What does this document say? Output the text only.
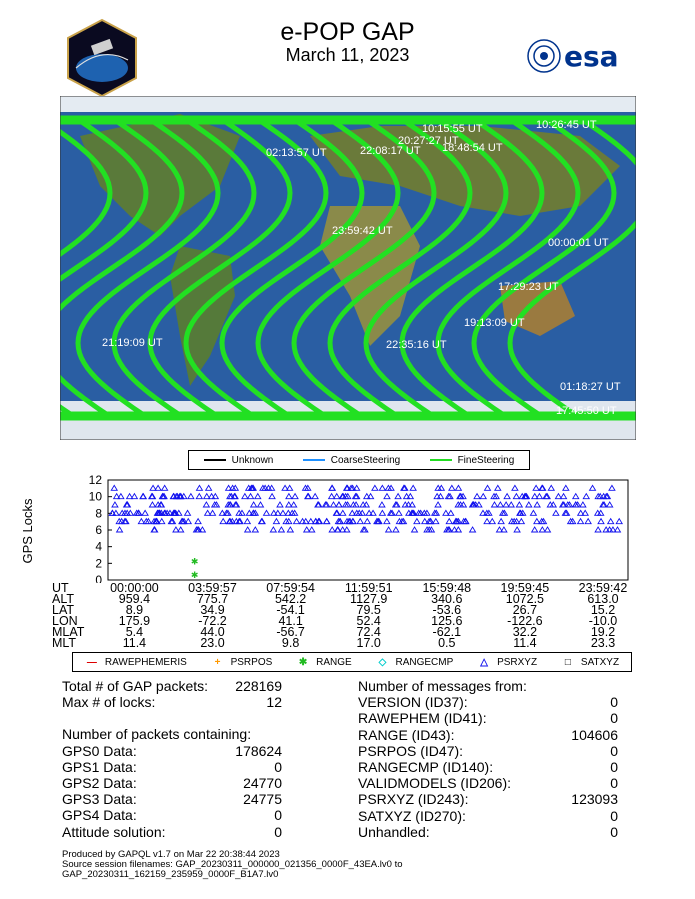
e-POP GAP
March 11, 2023	esa
10:15:55 UT	10:26:45 UT
20:27:27 UT
02:13:57 UT	22:08:17 UT 18:48:54 UT
23:59:42 UT
00:00:01 UT
17:29:23 UT
19:13:09 UT
21:19:09 UT	22:35:16 UT
01:18:27 UT
17:45:50 UT
Unknown	CoarseSteering	FineSteering
GPS Locks
0
2
4
6
8
10
12
✱
✱
UT	00:00:00	03:59:57	07:59:54	11:59:51	15:59:48	19:59:45	23:59:42
ALT	959.4	775.7	542.2	1127.9	340.6	1072.5	613.0
LAT	8.9	34.9	-54.1	79.5	-53.6	26.7	15.2
LON	175.9	-72.2	41.1	52.4	125.6	-122.6	-10.0
MLAT	5.4	44.0	-56.7	72.4	-62.1	32.2	19.2
MLT	11.4	23.0	9.8	17.0	0.5	11.4	23.3
— RAWEPHEMERIS	+ PSRPOS	✱ RANGE	◇ RANGECMP	△ PSRXYZ	□ SATXYZ
Total # of GAP packets: 228169
Max # of locks:	12
Number of packets containing:
GPS0 Data:	178624
GPS1 Data:	0
GPS2 Data:	24770
GPS3 Data:	24775
GPS4 Data:	0
Attitude solution:	0
Number of messages from:
VERSION (ID37):	0
RAWEPHEM (ID41):	0
RANGE (ID43):	104606
PSRPOS (ID47):	0
RANGECMP (ID140):	0
VALIDMODELS (ID206):	0
PSRXYZ (ID243):	123093
SATXYZ (ID270):	0
Unhandled:	0
Produced by GAPQL v1.7 on Mar 22 20:38:44 2023
Source session filenames: GAP_20230311_000000_021356_0000F_43EA.lv0 to
GAP_20230311_162159_235959_0000F_B1A7.lv0
